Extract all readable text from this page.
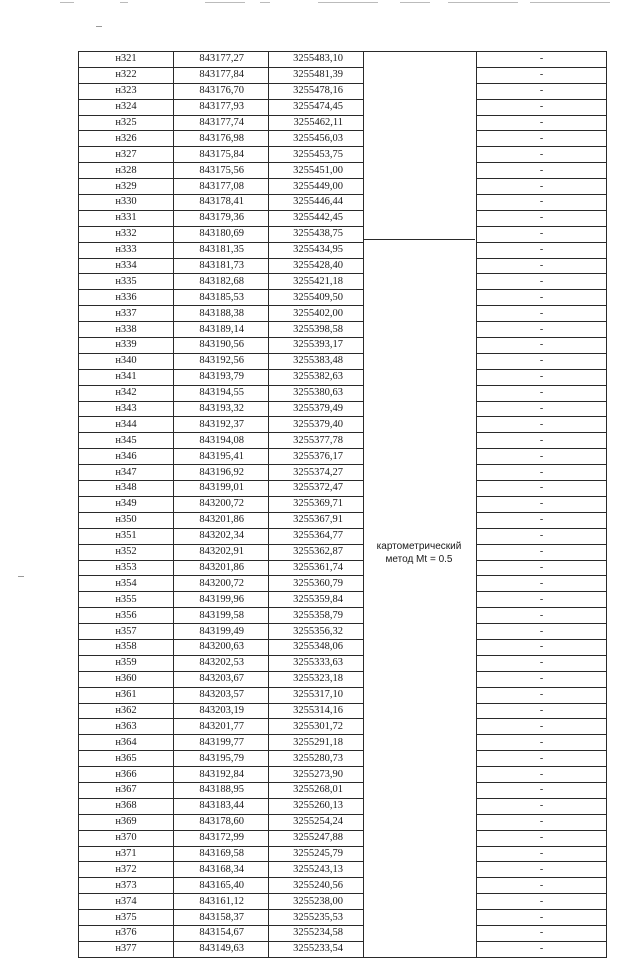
н321	843177,27	3255483,10		-
н322	843177,84	3255481,39		-
н323	843176,70	3255478,16		-
н324	843177,93	3255474,45		-
н325	843177,74	3255462,11		-
н326	843176,98	3255456,03		-
н327	843175,84	3255453,75		-
н328	843175,56	3255451,00		-
н329	843177,08	3255449,00		-
н330	843178,41	3255446,44		-
н331	843179,36	3255442,45		-
н332	843180,69	3255438,75		-
н333	843181,35	3255434,95		-
н334	843181,73	3255428,40		-
н335	843182,68	3255421,18		-
н336	843185,53	3255409,50		-
н337	843188,38	3255402,00		-
н338	843189,14	3255398,58		-
н339	843190,56	3255393,17		-
н340	843192,56	3255383,48		-
н341	843193,79	3255382,63		-
н342	843194,55	3255380,63		-
н343	843193,32	3255379,49		-
н344	843192,37	3255379,40		-
н345	843194,08	3255377,78		-
н346	843195,41	3255376,17		-
н347	843196,92	3255374,27		-
н348	843199,01	3255372,47		-
н349	843200,72	3255369,71		-
н350	843201,86	3255367,91		-
н351	843202,34	3255364,77		-
н352	843202,91	3255362,87		-
н353	843201,86	3255361,74		-
н354	843200,72	3255360,79		-
н355	843199,96	3255359,84		-
н356	843199,58	3255358,79		-
н357	843199,49	3255356,32		-
н358	843200,63	3255348,06		-
н359	843202,53	3255333,63		-
н360	843203,67	3255323,18		-
н361	843203,57	3255317,10		-
н362	843203,19	3255314,16		-
н363	843201,77	3255301,72		-
н364	843199,77	3255291,18		-
н365	843195,79	3255280,73		-
н366	843192,84	3255273,90		-
н367	843188,95	3255268,01		-
н368	843183,44	3255260,13		-
н369	843178,60	3255254,24		-
н370	843172,99	3255247,88		-
н371	843169,58	3255245,79		-
н372	843168,34	3255243,13		-
н373	843165,40	3255240,56		-
н374	843161,12	3255238,00		-
н375	843158,37	3255235,53		-
н376	843154,67	3255234,58		-
н377	843149,63	3255233,54		-
картометрический
метод Mt = 0.5
